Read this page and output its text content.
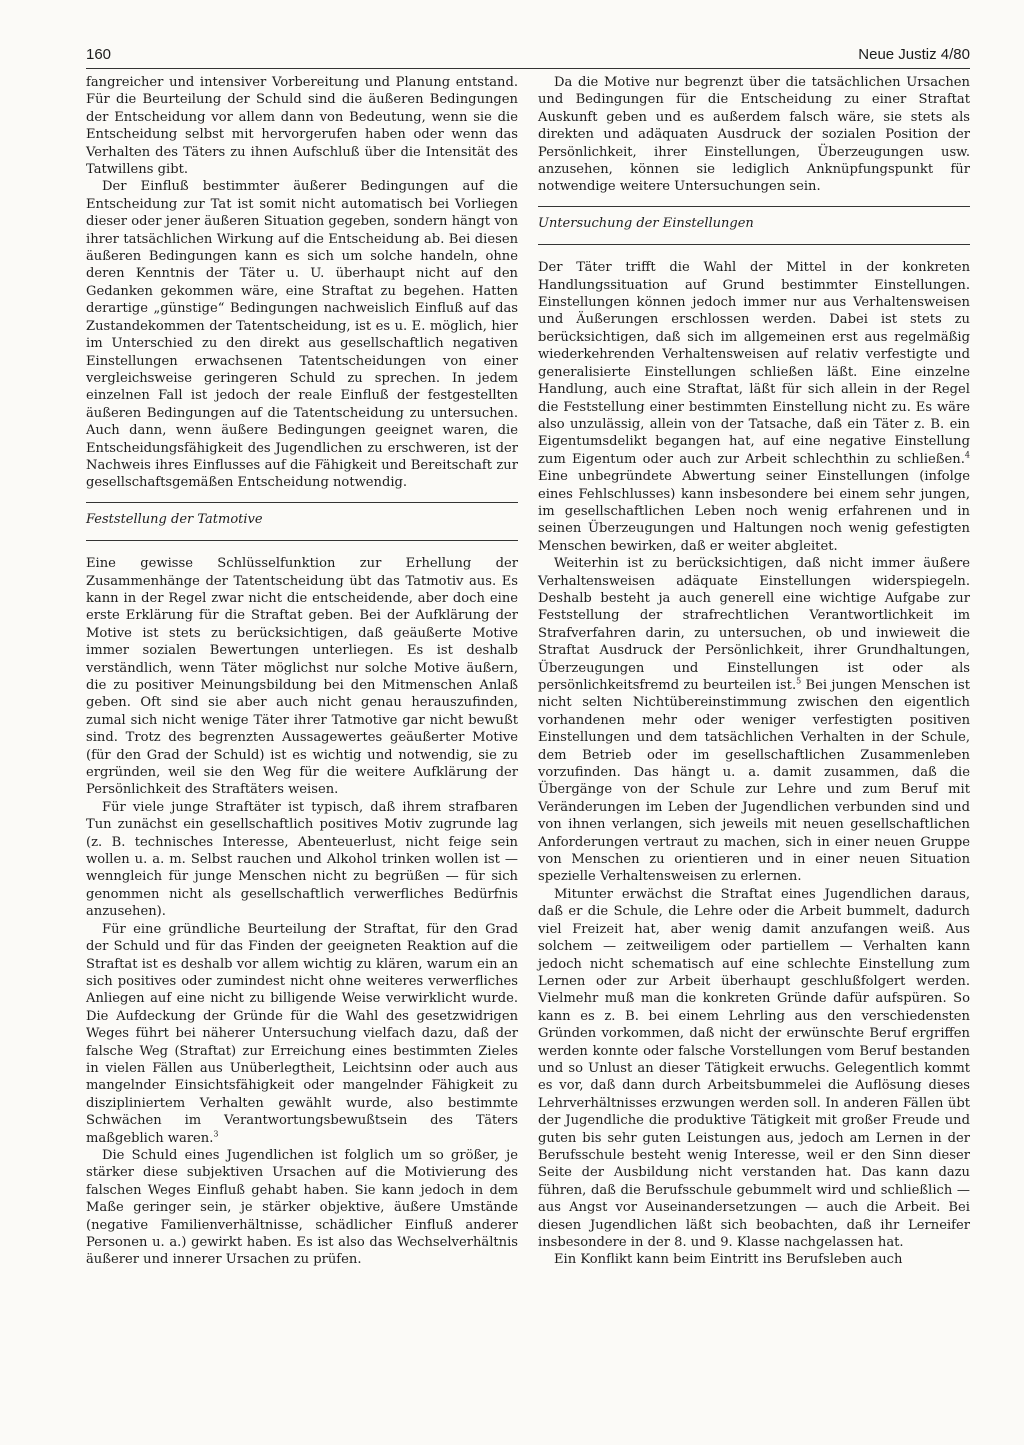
160	Neue Justiz 4/80

fangreicher und intensiver Vorbereitung und Planung entstand. Für die Beurteilung der Schuld sind die äußeren Bedingungen der Entscheidung vor allem dann von Bedeutung, wenn sie die Entscheidung selbst mit hervorgerufen haben oder wenn das Verhalten des Täters zu ihnen Aufschluß über die Intensität des Tatwillens gibt.

Der Einfluß bestimmter äußerer Bedingungen auf die Entscheidung zur Tat ist somit nicht automatisch bei Vorliegen dieser oder jener äußeren Situation gegeben, sondern hängt von ihrer tatsächlichen Wirkung auf die Entscheidung ab. Bei diesen äußeren Bedingungen kann es sich um solche handeln, ohne deren Kenntnis der Täter u. U. überhaupt nicht auf den Gedanken gekommen wäre, eine Straftat zu begehen. Hatten derartige „günstige“ Bedingungen nachweislich Einfluß auf das Zustandekommen der Tatentscheidung, ist es u. E. möglich, hier im Unterschied zu den direkt aus gesellschaftlich negativen Einstellungen erwachsenen Tatentscheidungen von einer vergleichsweise geringeren Schuld zu sprechen. In jedem einzelnen Fall ist jedoch der reale Einfluß der festgestellten äußeren Bedingungen auf die Tatentscheidung zu untersuchen. Auch dann, wenn äußere Bedingungen geeignet waren, die Entscheidungsfähigkeit des Jugendlichen zu erschweren, ist der Nachweis ihres Einflusses auf die Fähigkeit und Bereitschaft zur gesellschaftsgemäßen Entscheidung notwendig.

Feststellung der Tatmotive

Eine gewisse Schlüsselfunktion zur Erhellung der Zusammenhänge der Tatentscheidung übt das Tatmotiv aus. Es kann in der Regel zwar nicht die entscheidende, aber doch eine erste Erklärung für die Straftat geben. Bei der Aufklärung der Motive ist stets zu berücksichtigen, daß geäußerte Motive immer sozialen Bewertungen unterliegen. Es ist deshalb verständlich, wenn Täter möglichst nur solche Motive äußern, die zu positiver Meinungsbildung bei den Mitmenschen Anlaß geben. Oft sind sie aber auch nicht genau herauszufinden, zumal sich nicht wenige Täter ihrer Tatmotive gar nicht bewußt sind. Trotz des begrenzten Aussagewertes geäußerter Motive (für den Grad der Schuld) ist es wichtig und notwendig, sie zu ergründen, weil sie den Weg für die weitere Aufklärung der Persönlichkeit des Straftäters weisen.

Für viele junge Straftäter ist typisch, daß ihrem strafbaren Tun zunächst ein gesellschaftlich positives Motiv zugrunde lag (z. B. technisches Interesse, Abenteuerlust, nicht feige sein wollen u. a. m. Selbst rauchen und Alkohol trinken wollen ist — wenngleich für junge Menschen nicht zu begrüßen — für sich genommen nicht als gesellschaftlich verwerfliches Bedürfnis anzusehen).

Für eine gründliche Beurteilung der Straftat, für den Grad der Schuld und für das Finden der geeigneten Reaktion auf die Straftat ist es deshalb vor allem wichtig zu klären, warum ein an sich positives oder zumindest nicht ohne weiteres verwerfliches Anliegen auf eine nicht zu billigende Weise verwirklicht wurde. Die Aufdeckung der Gründe für die Wahl des gesetzwidrigen Weges führt bei näherer Untersuchung vielfach dazu, daß der falsche Weg (Straftat) zur Erreichung eines bestimmten Zieles in vielen Fällen aus Unüberlegtheit, Leichtsinn oder auch aus mangelnder Einsichtsfähigkeit oder mangelnder Fähigkeit zu diszipliniertem Verhalten gewählt wurde, also bestimmte Schwächen im Verantwortungsbewußtsein des Täters maßgeblich waren.$^3$

Die Schuld eines Jugendlichen ist folglich um so größer, je stärker diese subjektiven Ursachen auf die Motivierung des falschen Weges Einfluß gehabt haben. Sie kann jedoch in dem Maße geringer sein, je stärker objektive, äußere Umstände (negative Familienverhältnisse, schädlicher Einfluß anderer Personen u. a.) gewirkt haben. Es ist also das Wechselverhältnis äußerer und innerer Ursachen zu prüfen.

Da die Motive nur begrenzt über die tatsächlichen Ursachen und Bedingungen für die Entscheidung zu einer Straftat Auskunft geben und es außerdem falsch wäre, sie stets als direkten und adäquaten Ausdruck der sozialen Position der Persönlichkeit, ihrer Einstellungen, Überzeugungen usw. anzusehen, können sie lediglich Anknüpfungspunkt für notwendige weitere Untersuchungen sein.

Untersuchung der Einstellungen

Der Täter trifft die Wahl der Mittel in der konkreten Handlungssituation auf Grund bestimmter Einstellungen. Einstellungen können jedoch immer nur aus Verhaltensweisen und Äußerungen erschlossen werden. Dabei ist stets zu berücksichtigen, daß sich im allgemeinen erst aus regelmäßig wiederkehrenden Verhaltensweisen auf relativ verfestigte und generalisierte Einstellungen schließen läßt. Eine einzelne Handlung, auch eine Straftat, läßt für sich allein in der Regel die Feststellung einer bestimmten Einstellung nicht zu. Es wäre also unzulässig, allein von der Tatsache, daß ein Täter z. B. ein Eigentumsdelikt begangen hat, auf eine negative Einstellung zum Eigentum oder auch zur Arbeit schlechthin zu schließen.$^4$ Eine unbegründete Abwertung seiner Einstellungen (infolge eines Fehlschlusses) kann insbesondere bei einem sehr jungen, im gesellschaftlichen Leben noch wenig erfahrenen und in seinen Überzeugungen und Haltungen noch wenig gefestigten Menschen bewirken, daß er weiter abgleitet.

Weiterhin ist zu berücksichtigen, daß nicht immer äußere Verhaltensweisen adäquate Einstellungen widerspiegeln. Deshalb besteht ja auch generell eine wichtige Aufgabe zur Feststellung der strafrechtlichen Verantwortlichkeit im Strafverfahren darin, zu untersuchen, ob und inwieweit die Straftat Ausdruck der Persönlichkeit, ihrer Grundhaltungen, Überzeugungen und Einstellungen ist oder als persönlichkeitsfremd zu beurteilen ist.$^5$ Bei jungen Menschen ist nicht selten Nichtübereinstimmung zwischen den eigentlich vorhandenen mehr oder weniger verfestigten positiven Einstellungen und dem tatsächlichen Verhalten in der Schule, dem Betrieb oder im gesellschaftlichen Zusammenleben vorzufinden. Das hängt u. a. damit zusammen, daß die Übergänge von der Schule zur Lehre und zum Beruf mit Veränderungen im Leben der Jugendlichen verbunden sind und von ihnen verlangen, sich jeweils mit neuen gesellschaftlichen Anforderungen vertraut zu machen, sich in einer neuen Gruppe von Menschen zu orientieren und in einer neuen Situation spezielle Verhaltensweisen zu erlernen.

Mitunter erwächst die Straftat eines Jugendlichen daraus, daß er die Schule, die Lehre oder die Arbeit bummelt, dadurch viel Freizeit hat, aber wenig damit anzufangen weiß. Aus solchem — zeitweiligem oder partiellem — Verhalten kann jedoch nicht schematisch auf eine schlechte Einstellung zum Lernen oder zur Arbeit überhaupt geschlußfolgert werden. Vielmehr muß man die konkreten Gründe dafür aufspüren. So kann es z. B. bei einem Lehrling aus den verschiedensten Gründen vorkommen, daß nicht der erwünschte Beruf ergriffen werden konnte oder falsche Vorstellungen vom Beruf bestanden und so Unlust an dieser Tätigkeit erwuchs. Gelegentlich kommt es vor, daß dann durch Arbeitsbummelei die Auflösung dieses Lehrverhältnisses erzwungen werden soll. In anderen Fällen übt der Jugendliche die produktive Tätigkeit mit großer Freude und guten bis sehr guten Leistungen aus, jedoch am Lernen in der Berufsschule besteht wenig Interesse, weil er den Sinn dieser Seite der Ausbildung nicht verstanden hat. Das kann dazu führen, daß die Berufsschule gebummelt wird und schließlich — aus Angst vor Auseinandersetzungen — auch die Arbeit. Bei diesen Jugendlichen läßt sich beobachten, daß ihr Lerneifer insbesondere in der 8. und 9. Klasse nachgelassen hat.

Ein Konflikt kann beim Eintritt ins Berufsleben auch
